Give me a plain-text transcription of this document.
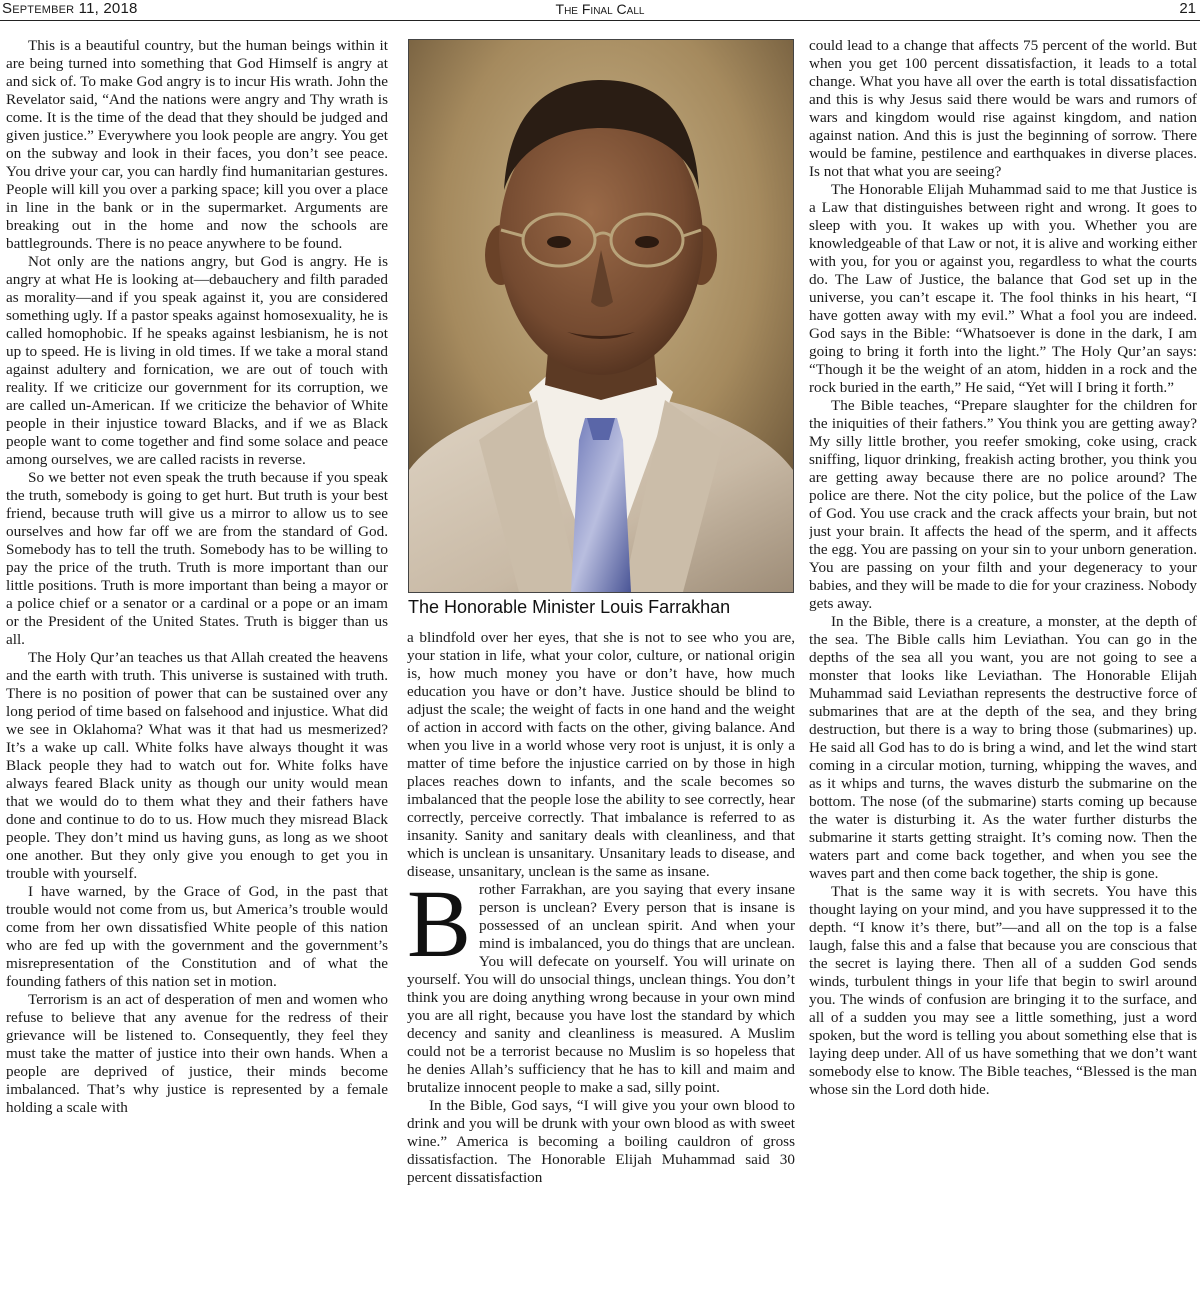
September 11, 2018	The Final Call	21

This is a beautiful country, but the human beings within it are being turned into something that God Himself is angry at and sick of. To make God angry is to incur His wrath. John the Revelator said, “And the nations were angry and Thy wrath is come. It is the time of the dead that they should be judged and given justice.” Everywhere you look people are angry. You get on the subway and look in their faces, you don’t see peace. You drive your car, you can hardly find humanitarian gestures. People will kill you over a parking space; kill you over a place in line in the bank or in the supermarket. Arguments are breaking out in the home and now the schools are battlegrounds. There is no peace anywhere to be found.

Not only are the nations angry, but God is angry. He is angry at what He is looking at—debauchery and filth paraded as morality—and if you speak against it, you are considered something ugly. If a pastor speaks against homosexuality, he is called homophobic. If he speaks against lesbianism, he is not up to speed. He is living in old times. If we take a moral stand against adultery and fornication, we are out of touch with reality. If we criticize our government for its corruption, we are called un-American. If we criticize the behavior of White people in their injustice toward Blacks, and if we as Black people want to come together and find some solace and peace among ourselves, we are called racists in reverse.

So we better not even speak the truth because if you speak the truth, somebody is going to get hurt. But truth is your best friend, because truth will give us a mirror to allow us to see ourselves and how far off we are from the standard of God. Somebody has to tell the truth. Somebody has to be willing to pay the price of the truth. Truth is more important than our little positions. Truth is more important than being a mayor or a police chief or a senator or a cardinal or a pope or an imam or the President of the United States. Truth is bigger than us all.

The Holy Qur’an teaches us that Allah created the heavens and the earth with truth. This universe is sustained with truth. There is no position of power that can be sustained over any long period of time based on falsehood and injustice. What did we see in Oklahoma? What was it that had us mesmerized? It’s a wake up call. White folks have always thought it was Black people they had to watch out for. White folks have always feared Black unity as though our unity would mean that we would do to them what they and their fathers have done and continue to do to us. How much they misread Black people. They don’t mind us having guns, as long as we shoot one another. But they only give you enough to get you in trouble with yourself.

I have warned, by the Grace of God, in the past that trouble would not come from us, but America’s trouble would come from her own dissatisfied White people of this nation who are fed up with the government and the government’s misrepresentation of the Constitution and of what the founding fathers of this nation set in motion.

Terrorism is an act of desperation of men and women who refuse to believe that any avenue for the redress of their grievance will be listened to. Consequently, they feel they must take the matter of justice into their own hands. When a people are deprived of justice, their minds become imbalanced. That’s why justice is represented by a female holding a scale with

The Honorable Minister Louis Farrakhan

a blindfold over her eyes, that she is not to see who you are, your station in life, what your color, culture, or national origin is, how much money you have or don’t have, how much education you have or don’t have. Justice should be blind to adjust the scale; the weight of facts in one hand and the weight of action in accord with facts on the other, giving balance. And when you live in a world whose very root is unjust, it is only a matter of time before the injustice carried on by those in high places reaches down to infants, and the scale becomes so imbalanced that the people lose the ability to see correctly, hear correctly, perceive correctly. That imbalance is referred to as insanity. Sanity and sanitary deals with cleanliness, and that which is unclean is unsanitary. Unsanitary leads to disease, and disease, unsanitary, unclean is the same as insane.

Brother Farrakhan, are you saying that every insane person is unclean? Every person that is insane is possessed of an unclean spirit. And when your mind is imbalanced, you do things that are unclean. You will defecate on yourself. You will urinate on yourself. You will do unsocial things, unclean things. You don’t think you are doing anything wrong because in your own mind you are all right, because you have lost the standard by which decency and sanity and cleanliness is measured. A Muslim could not be a terrorist because no Muslim is so hopeless that he denies Allah’s sufficiency that he has to kill and maim and brutalize innocent people to make a sad, silly point.

In the Bible, God says, “I will give you your own blood to drink and you will be drunk with your own blood as with sweet wine.” America is becoming a boiling cauldron of gross dissatisfaction. The Honorable Elijah Muhammad said 30 percent dissatisfaction

could lead to a change that affects 75 percent of the world. But when you get 100 percent dissatisfaction, it leads to a total change. What you have all over the earth is total dissatisfaction and this is why Jesus said there would be wars and rumors of wars and kingdom would rise against kingdom, and nation against nation. And this is just the beginning of sorrow. There would be famine, pestilence and earthquakes in diverse places. Is not that what you are seeing?

The Honorable Elijah Muhammad said to me that Justice is a Law that distinguishes between right and wrong. It goes to sleep with you. It wakes up with you. Whether you are knowledgeable of that Law or not, it is alive and working either with you, for you or against you, regardless to what the courts do. The Law of Justice, the balance that God set up in the universe, you can’t escape it. The fool thinks in his heart, “I have gotten away with my evil.” What a fool you are indeed. God says in the Bible: “Whatsoever is done in the dark, I am going to bring it forth into the light.” The Holy Qur’an says: “Though it be the weight of an atom, hidden in a rock and the rock buried in the earth,” He said, “Yet will I bring it forth.”

The Bible teaches, “Prepare slaughter for the children for the iniquities of their fathers.” You think you are getting away? My silly little brother, you reefer smoking, coke using, crack sniffing, liquor drinking, freakish acting brother, you think you are getting away because there are no police around? The police are there. Not the city police, but the police of the Law of God. You use crack and the crack affects your brain, but not just your brain. It affects the head of the sperm, and it affects the egg. You are passing on your sin to your unborn generation. You are passing on your filth and your degeneracy to your babies, and they will be made to die for your craziness. Nobody gets away.

In the Bible, there is a creature, a monster, at the depth of the sea. The Bible calls him Leviathan. You can go in the depths of the sea all you want, you are not going to see a monster that looks like Leviathan. The Honorable Elijah Muhammad said Leviathan represents the destructive force of submarines that are at the depth of the sea, and they bring destruction, but there is a way to bring those (submarines) up. He said all God has to do is bring a wind, and let the wind start coming in a circular motion, turning, whipping the waves, and as it whips and turns, the waves disturb the submarine on the bottom. The nose (of the submarine) starts coming up because the water is disturbing it. As the water further disturbs the submarine it starts getting straight. It’s coming now. Then the waters part and come back together, and when you see the waves part and then come back together, the ship is gone.

That is the same way it is with secrets. You have this thought laying on your mind, and you have suppressed it to the depth. “I know it’s there, but”—and all on the top is a false laugh, false this and a false that because you are conscious that the secret is laying there. Then all of a sudden God sends winds, turbulent things in your life that begin to swirl around you. The winds of confusion are bringing it to the surface, and all of a sudden you may see a little something, just a word spoken, but the word is telling you about something else that is laying deep under. All of us have something that we don’t want somebody else to know. The Bible teaches, “Blessed is the man whose sin the Lord doth hide.
